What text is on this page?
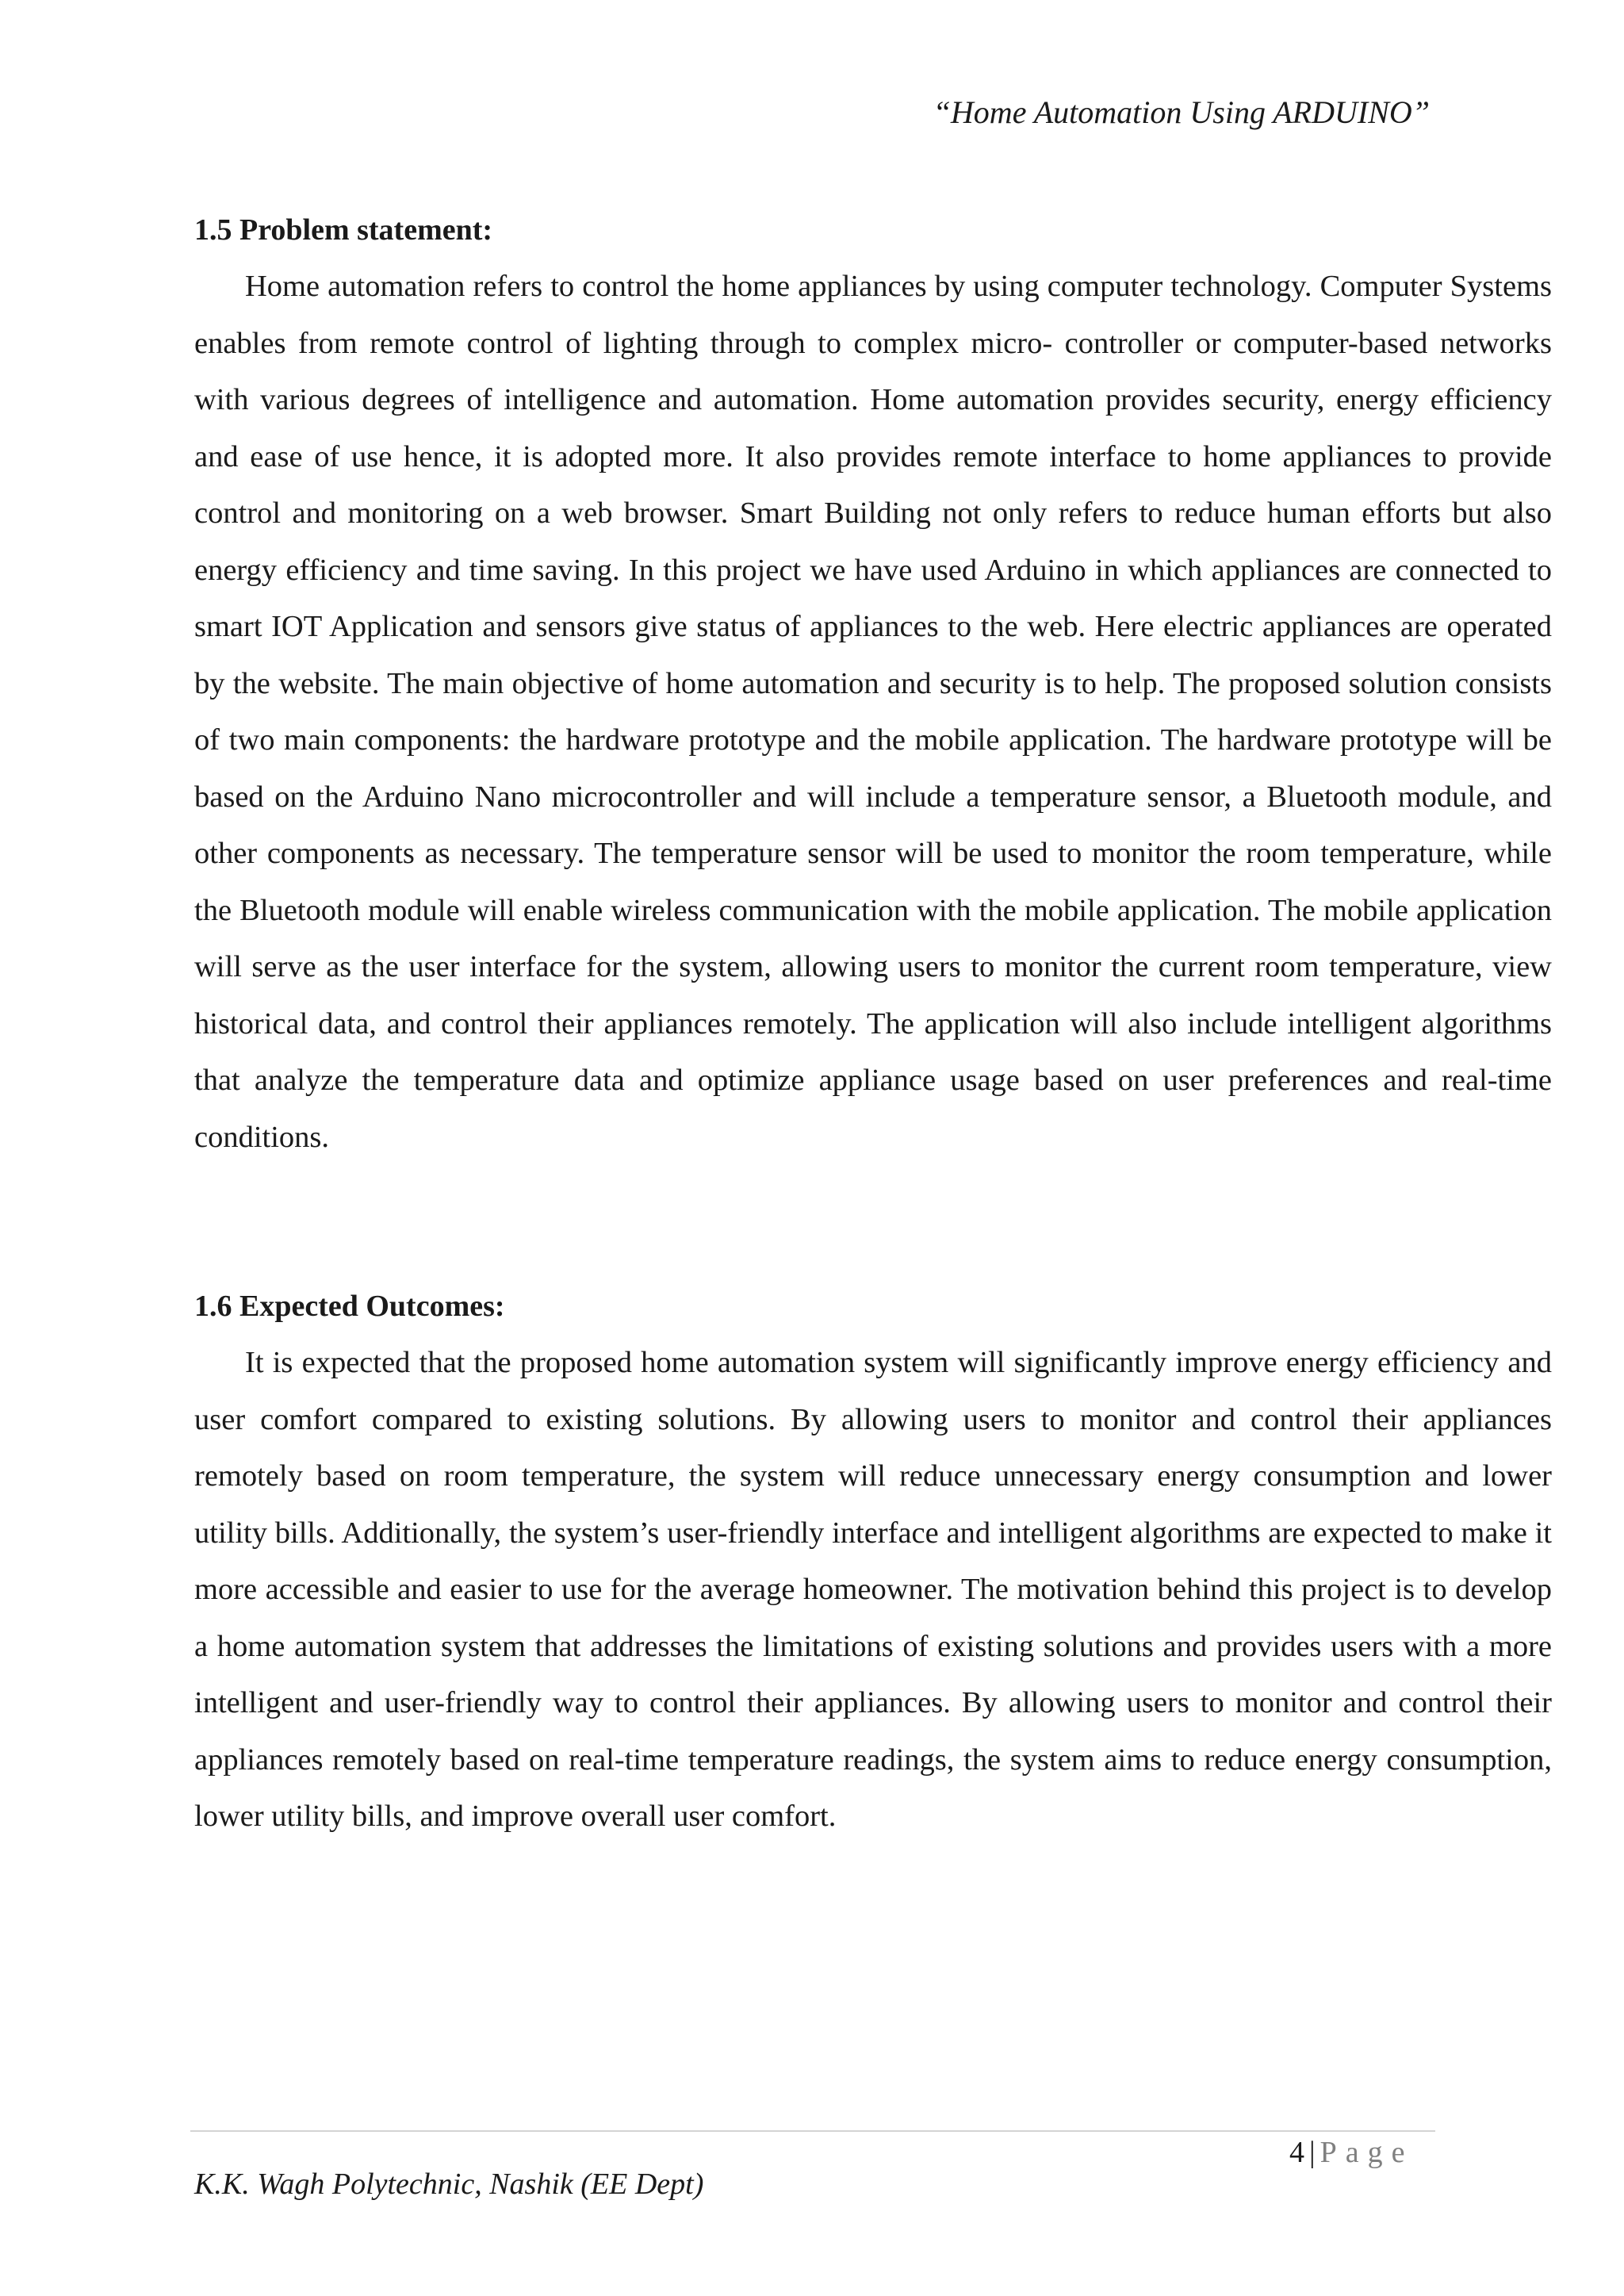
“Home Automation Using ARDUINO”
1.5 Problem statement:

Home automation refers to control the home appliances by using computer technology. Computer Systems enables from remote control of lighting through to complex micro- controller or computer-based networks with various degrees of intelligence and automation. Home automation provides security, energy efficiency and ease of use hence, it is adopted more. It also provides remote interface to home appliances to provide control and monitoring on a web browser. Smart Building not only refers to reduce human efforts but also energy efficiency and time saving. In this project we have used Arduino in which appliances are connected to smart IOT Application and sensors give status of appliances to the web. Here electric appliances are operated by the website. The main objective of home automation and security is to help. The proposed solution consists of two main components: the hardware prototype and the mobile application. The hardware prototype will be based on the Arduino Nano microcontroller and will include a temperature sensor, a Bluetooth module, and other components as necessary. The temperature sensor will be used to monitor the room temperature, while the Bluetooth module will enable wireless communication with the mobile application. The mobile application will serve as the user interface for the system, allowing users to monitor the current room temperature, view historical data, and control their appliances remotely. The application will also include intelligent algorithms that analyze the temperature data and optimize appliance usage based on user preferences and real-time conditions.

1.6 Expected Outcomes:

It is expected that the proposed home automation system will significantly improve energy efficiency and user comfort compared to existing solutions. By allowing users to monitor and control their appliances remotely based on room temperature, the system will reduce unnecessary energy consumption and lower utility bills. Additionally, the system’s user-friendly interface and intelligent algorithms are expected to make it more accessible and easier to use for the average homeowner. The motivation behind this project is to develop a home automation system that addresses the limitations of existing solutions and provides users with a more intelligent and user-friendly way to control their appliances. By allowing users to monitor and control their appliances remotely based on real-time temperature readings, the system aims to reduce energy consumption, lower utility bills, and improve overall user comfort.

4 | Page
K.K. Wagh Polytechnic, Nashik (EE Dept)
